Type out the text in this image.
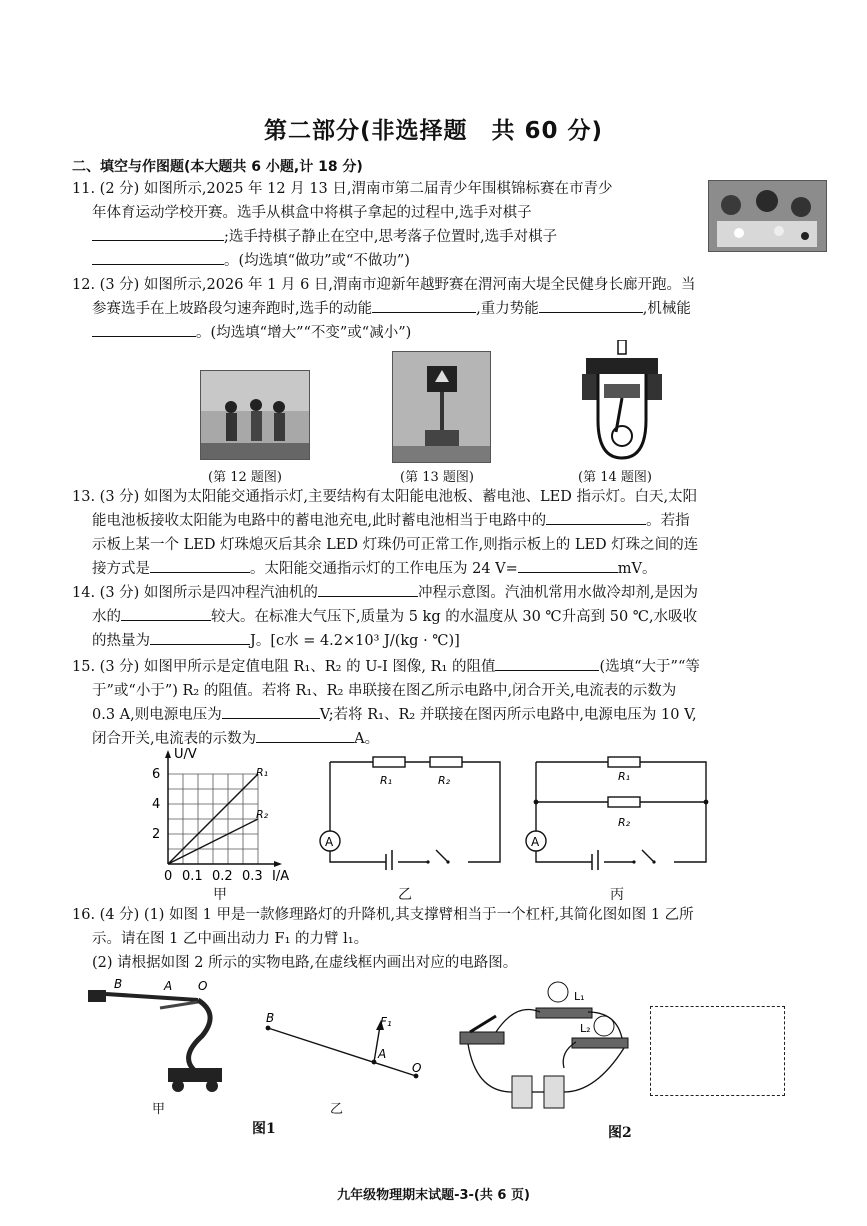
第二部分(非选择题　共 60 分)
二、填空与作图题(本大题共 6 小题,计 18 分)
11. (2 分) 如图所示,2025 年 12 月 13 日,渭南市第二届青少年围棋锦标赛在市青少
年体育运动学校开赛。选手从棋盒中将棋子拿起的过程中,选手对棋子
;选手持棋子静止在空中,思考落子位置时,选手对棋子
。(均选填“做功”或“不做功”)
12. (3 分) 如图所示,2026 年 1 月 6 日,渭南市迎新年越野赛在渭河南大堤全民健身长廊开跑。当
参赛选手在上坡路段匀速奔跑时,选手的动能	,重力势能	,机械能
。(均选填“增大”“不变”或“减小”)
(第 12 题图)	(第 13 题图)	(第 14 题图)
13. (3 分) 如图为太阳能交通指示灯,主要结构有太阳能电池板、蓄电池、LED 指示灯。白天,太阳
能电池板接收太阳能为电路中的蓄电池充电,此时蓄电池相当于电路中的	。若指
示板上某一个 LED 灯珠熄灭后其余 LED 灯珠仍可正常工作,则指示板上的 LED 灯珠之间的连
接方式是	。太阳能交通指示灯的工作电压为 24 V=	mV。
14. (3 分) 如图所示是四冲程汽油机的	冲程示意图。汽油机常用水做冷却剂,是因为
水的	较大。在标准大气压下,质量为 5 kg 的水温度从 30 ℃升高到 50 ℃,水吸收
的热量为	J。[c水 = 4.2×10³ J/(kg · ℃)]
15. (3 分) 如图甲所示是定值电阻 R₁、R₂ 的 U-I 图像, R₁ 的阻值	(选填“大于”“等
于”或“小于”) R₂ 的阻值。若将 R₁、R₂ 串联接在图乙所示电路中,闭合开关,电流表的示数为
0.3 A,则电源电压为	V;若将 R₁、R₂ 并联接在图丙所示电路中,电源电压为 10 V,
闭合开关,电流表的示数为	A。
U/V
6
4
2
0 0.1 0.2 0.3 I/A
R₁
R₂
甲
R₁	R₂
A
乙
R₁
R₂
A
丙
16. (4 分) (1) 如图 1 甲是一款修理路灯的升降机,其支撑臂相当于一个杠杆,其简化图如图 1 乙所
示。请在图 1 乙中画出动力 F₁ 的力臂 l₁。
(2) 请根据如图 2 所示的实物电路,在虚线框内画出对应的电路图。
B	A O
甲
B	F₁
A
O
乙
图1
L₁
L₂
图2
九年级物理期末试题-3-(共 6 页)
